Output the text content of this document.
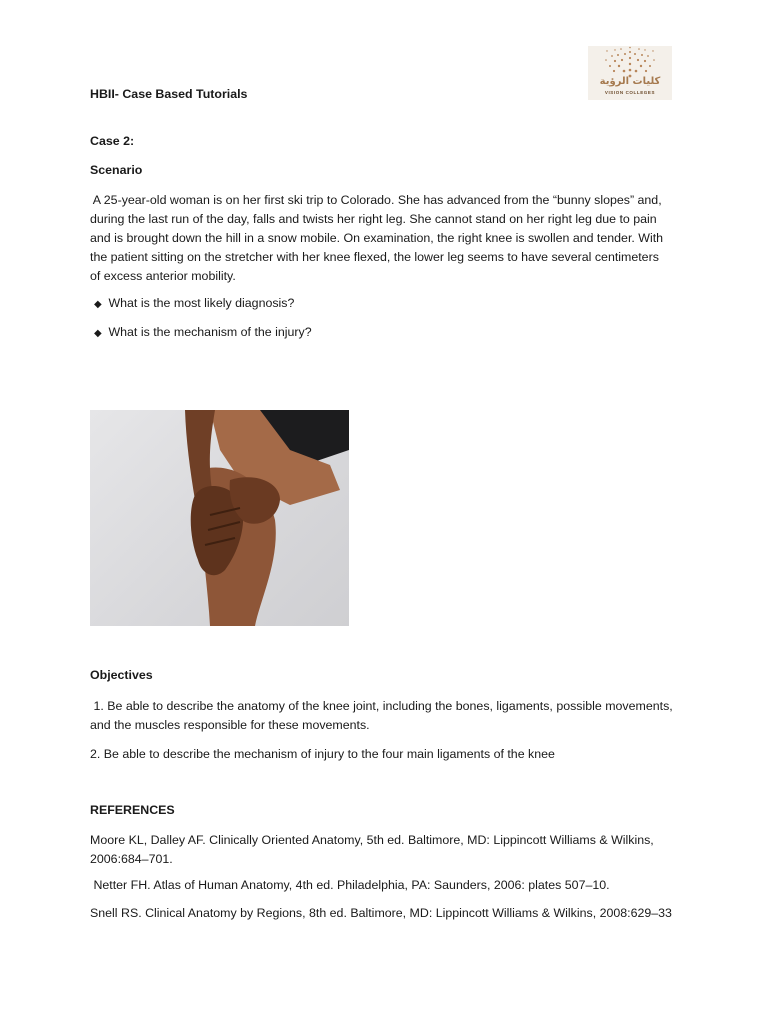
كليات الرؤية
VISION COLLEGES
HBII- Case Based Tutorials
Case 2:
Scenario
A 25-year-old woman is on her first ski trip to Colorado. She has advanced from the “bunny slopes” and,
during the last run of the day, falls and twists her right leg. She cannot stand on her right leg due to pain
and is brought down the hill in a snow mobile. On examination, the right knee is swollen and tender. With
the patient sitting on the stretcher with her knee flexed, the lower leg seems to have several centimeters
of excess anterior mobility.
◆ What is the most likely diagnosis?
◆ What is the mechanism of the injury?
Objectives
1. Be able to describe the anatomy of the knee joint, including the bones, ligaments, possible movements,
and the muscles responsible for these movements.
2. Be able to describe the mechanism of injury to the four main ligaments of the knee
REFERENCES
Moore KL, Dalley AF. Clinically Oriented Anatomy, 5th ed. Baltimore, MD: Lippincott Williams & Wilkins,
2006:684–701.
Netter FH. Atlas of Human Anatomy, 4th ed. Philadelphia, PA: Saunders, 2006: plates 507–10.
Snell RS. Clinical Anatomy by Regions, 8th ed. Baltimore, MD: Lippincott Williams & Wilkins, 2008:629–33
